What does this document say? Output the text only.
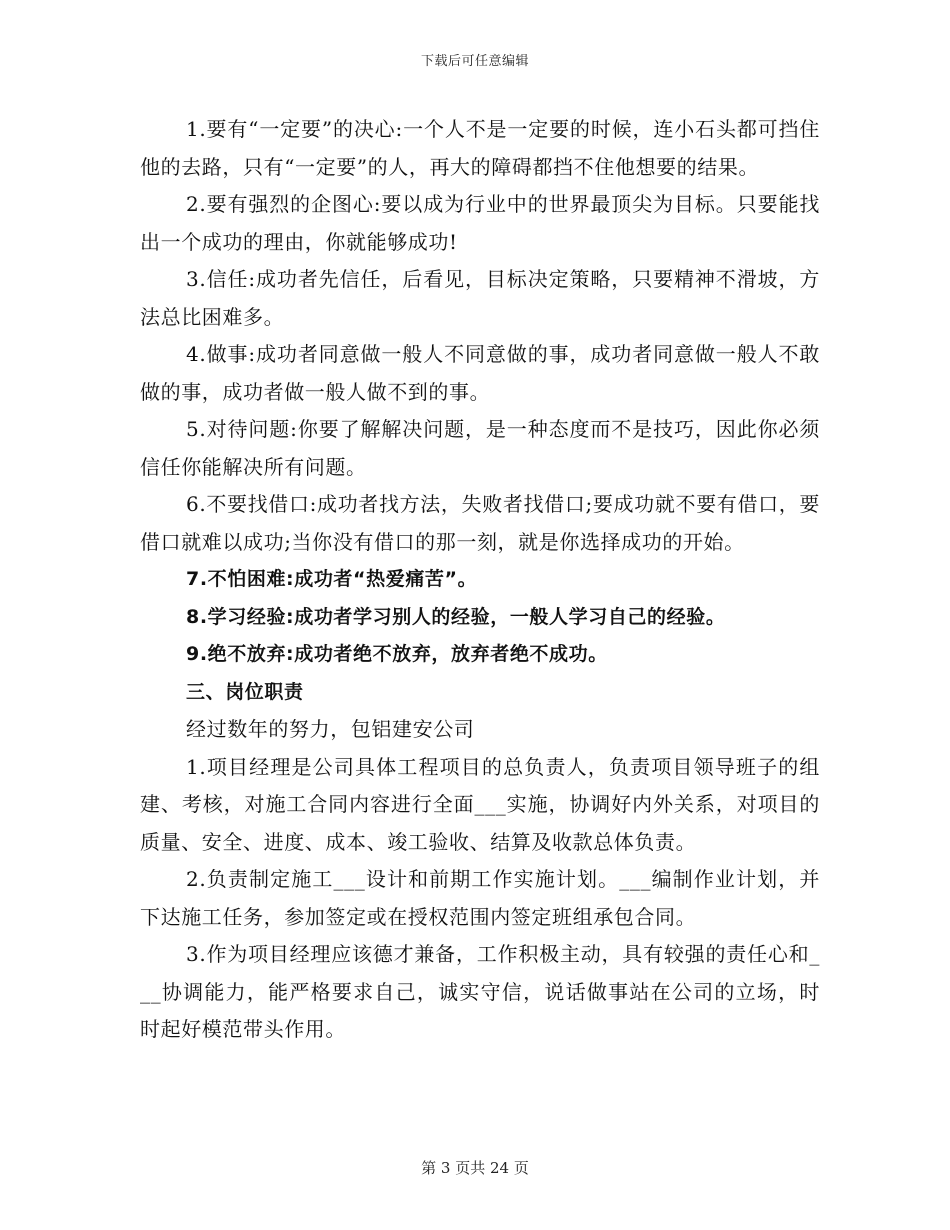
下载后可任意编辑

1.要有“一定要”的决心:一个人不是一定要的时候，连小石头都可挡住他的去路，只有“一定要”的人，再大的障碍都挡不住他想要的结果。

2.要有强烈的企图心:要以成为行业中的世界最顶尖为目标。只要能找出一个成功的理由，你就能够成功!

3.信任:成功者先信任，后看见，目标决定策略，只要精神不滑坡，方法总比困难多。

4.做事:成功者同意做一般人不同意做的事，成功者同意做一般人不敢做的事，成功者做一般人做不到的事。

5.对待问题:你要了解解决问题，是一种态度而不是技巧，因此你必须信任你能解决所有问题。

6.不要找借口:成功者找方法，失败者找借口;要成功就不要有借口，要借口就难以成功;当你没有借口的那一刻，就是你选择成功的开始。

7.不怕困难:成功者“热爱痛苦”。

8.学习经验:成功者学习别人的经验，一般人学习自己的经验。

9.绝不放弃:成功者绝不放弃，放弃者绝不成功。

三、岗位职责

经过数年的努力，包铝建安公司

1.项目经理是公司具体工程项目的总负责人，负责项目领导班子的组建、考核，对施工合同内容进行全面___实施，协调好内外关系，对项目的质量、安全、进度、成本、竣工验收、结算及收款总体负责。

2.负责制定施工___设计和前期工作实施计划。___编制作业计划，并下达施工任务，参加签定或在授权范围内签定班组承包合同。

3.作为项目经理应该德才兼备，工作积极主动，具有较强的责任心和___协调能力，能严格要求自己，诚实守信，说话做事站在公司的立场，时时起好模范带头作用。

第 3 页共 24 页
